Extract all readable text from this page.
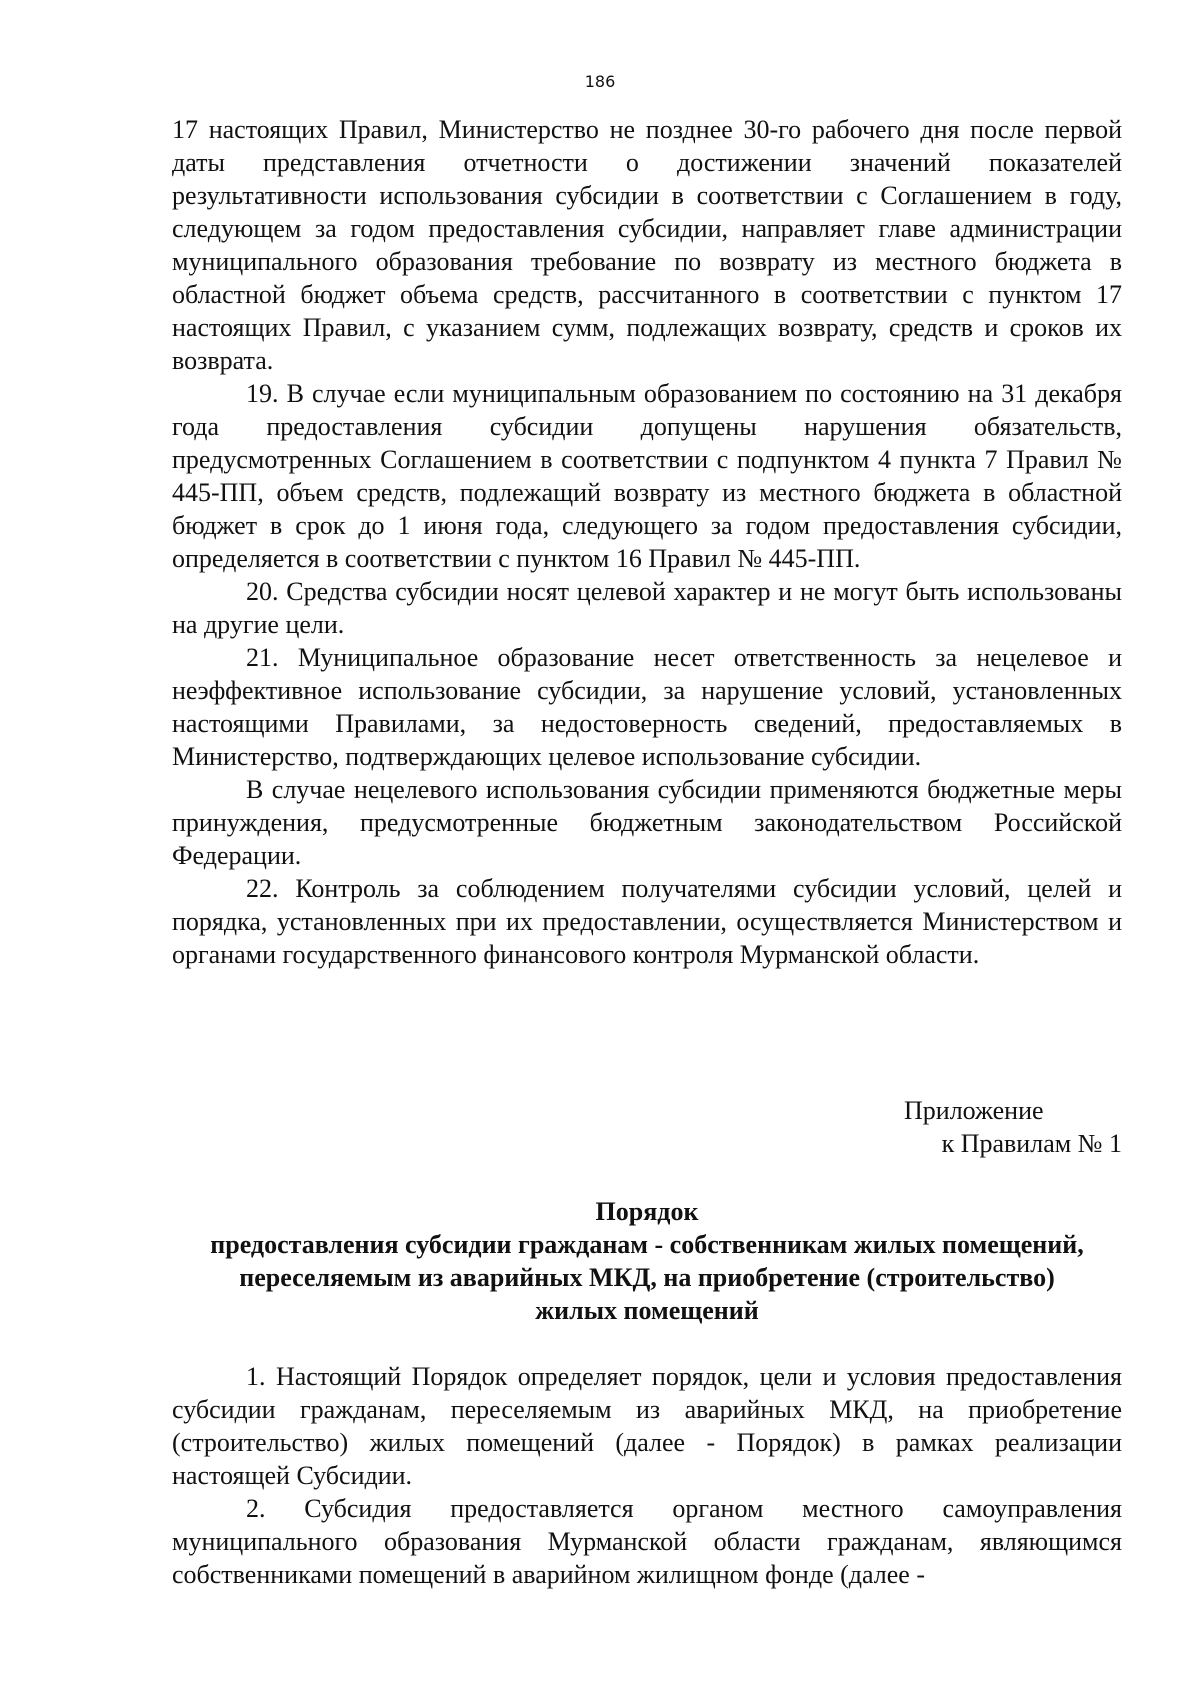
186

17 настоящих Правил, Министерство не позднее 30-го рабочего дня после первой даты представления отчетности о достижении значений показателей результативности использования субсидии в соответствии с Соглашением в году, следующем за годом предоставления субсидии, направляет главе администрации муниципального образования требование по возврату из местного бюджета в областной бюджет объема средств, рассчитанного в соответствии с пунктом 17 настоящих Правил, с указанием сумм, подлежащих возврату, средств и сроков их возврата.

19. В случае если муниципальным образованием по состоянию на 31 декабря года предоставления субсидии допущены нарушения обязательств, предусмотренных Соглашением в соответствии с подпунктом 4 пункта 7 Правил № 445-ПП, объем средств, подлежащий возврату из местного бюджета в областной бюджет в срок до 1 июня года, следующего за годом предоставления субсидии, определяется в соответствии с пунктом 16 Правил № 445-ПП.

20. Средства субсидии носят целевой характер и не могут быть использованы на другие цели.

21. Муниципальное образование несет ответственность за нецелевое и неэффективное использование субсидии, за нарушение условий, установленных настоящими Правилами, за недостоверность сведений, предоставляемых в Министерство, подтверждающих целевое использование субсидии.

В случае нецелевого использования субсидии применяются бюджетные меры принуждения, предусмотренные бюджетным законодательством Российской Федерации.

22. Контроль за соблюдением получателями субсидии условий, целей и порядка, установленных при их предоставлении, осуществляется Министерством и органами государственного финансового контроля Мурманской области.

Приложение
к Правилам № 1
Порядок
предоставления субсидии гражданам - собственникам жилых помещений, переселяемым из аварийных МКД, на приобретение (строительство) жилых помещений

1. Настоящий Порядок определяет порядок, цели и условия предоставления субсидии гражданам, переселяемым из аварийных МКД, на приобретение (строительство) жилых помещений (далее - Порядок) в рамках реализации настоящей Субсидии.

2. Субсидия предоставляется органом местного самоуправления муниципального образования Мурманской области гражданам, являющимся собственниками помещений в аварийном жилищном фонде (далее -
